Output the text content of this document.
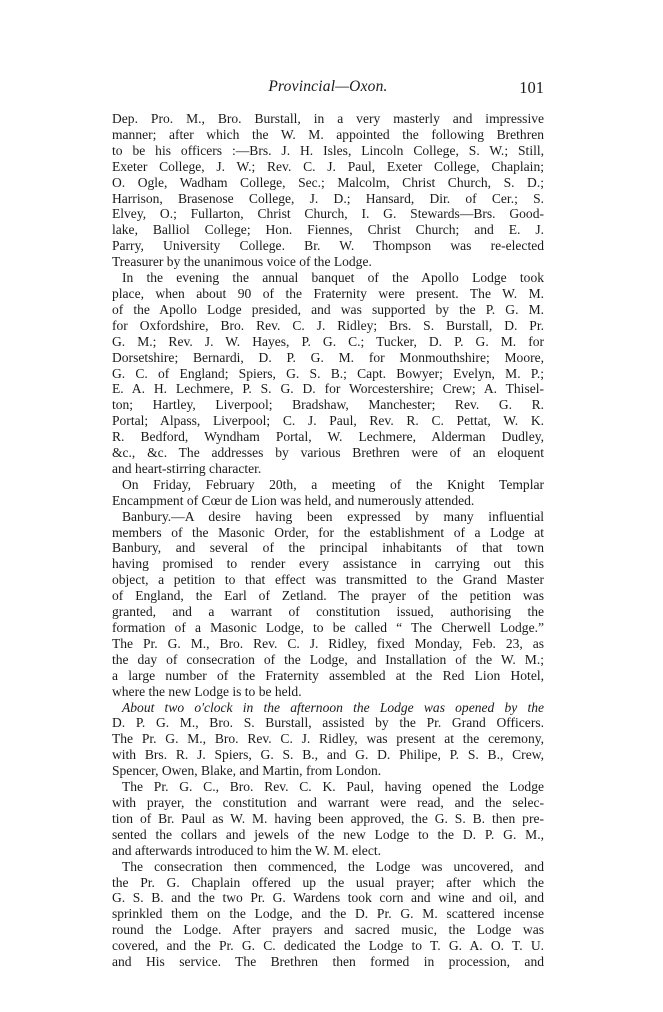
Provincial—Oxon.	101
Dep. Pro. M., Bro. Burstall, in a very masterly and impressive
manner; after which the W. M. appointed the following Brethren
to be his officers :—Brs. J. H. Isles, Lincoln College, S. W.; Still,
Exeter College, J. W.; Rev. C. J. Paul, Exeter College, Chaplain;
O. Ogle, Wadham College, Sec.; Malcolm, Christ Church, S. D.;
Harrison, Brasenose College, J. D.; Hansard, Dir. of Cer.; S.
Elvey, O.; Fullarton, Christ Church, I. G. Stewards—Brs. Good-
lake, Balliol College; Hon. Fiennes, Christ Church; and E. J.
Parry, University College. Br. W. Thompson was re-elected
Treasurer by the unanimous voice of the Lodge.
In the evening the annual banquet of the Apollo Lodge took
place, when about 90 of the Fraternity were present. The W. M.
of the Apollo Lodge presided, and was supported by the P. G. M.
for Oxfordshire, Bro. Rev. C. J. Ridley; Brs. S. Burstall, D. Pr.
G. M.; Rev. J. W. Hayes, P. G. C.; Tucker, D. P. G. M. for
Dorsetshire; Bernardi, D. P. G. M. for Monmouthshire; Moore,
G. C. of England; Spiers, G. S. B.; Capt. Bowyer; Evelyn, M. P.;
E. A. H. Lechmere, P. S. G. D. for Worcestershire; Crew; A. Thisel-
ton; Hartley, Liverpool; Bradshaw, Manchester; Rev. G. R.
Portal; Alpass, Liverpool; C. J. Paul, Rev. R. C. Pettat, W. K.
R. Bedford, Wyndham Portal, W. Lechmere, Alderman Dudley,
&c., &c. The addresses by various Brethren were of an eloquent
and heart-stirring character.
On Friday, February 20th, a meeting of the Knight Templar
Encampment of Cœur de Lion was held, and numerously attended.
Banbury.—A desire having been expressed by many influential
members of the Masonic Order, for the establishment of a Lodge at
Banbury, and several of the principal inhabitants of that town
having promised to render every assistance in carrying out this
object, a petition to that effect was transmitted to the Grand Master
of England, the Earl of Zetland. The prayer of the petition was
granted, and a warrant of constitution issued, authorising the
formation of a Masonic Lodge, to be called “ The Cherwell Lodge.”
The Pr. G. M., Bro. Rev. C. J. Ridley, fixed Monday, Feb. 23, as
the day of consecration of the Lodge, and Installation of the W. M.;
a large number of the Fraternity assembled at the Red Lion Hotel,
where the new Lodge is to be held.
About two o'clock in the afternoon the Lodge was opened by the
D. P. G. M., Bro. S. Burstall, assisted by the Pr. Grand Officers.
The Pr. G. M., Bro. Rev. C. J. Ridley, was present at the ceremony,
with Brs. R. J. Spiers, G. S. B., and G. D. Philipe, P. S. B., Crew,
Spencer, Owen, Blake, and Martin, from London.
The Pr. G. C., Bro. Rev. C. K. Paul, having opened the Lodge
with prayer, the constitution and warrant were read, and the selec-
tion of Br. Paul as W. M. having been approved, the G. S. B. then pre-
sented the collars and jewels of the new Lodge to the D. P. G. M.,
and afterwards introduced to him the W. M. elect.
The consecration then commenced, the Lodge was uncovered, and
the Pr. G. Chaplain offered up the usual prayer; after which the
G. S. B. and the two Pr. G. Wardens took corn and wine and oil, and
sprinkled them on the Lodge, and the D. Pr. G. M. scattered incense
round the Lodge. After prayers and sacred music, the Lodge was
covered, and the Pr. G. C. dedicated the Lodge to T. G. A. O. T. U.
and His service. The Brethren then formed in procession, and
